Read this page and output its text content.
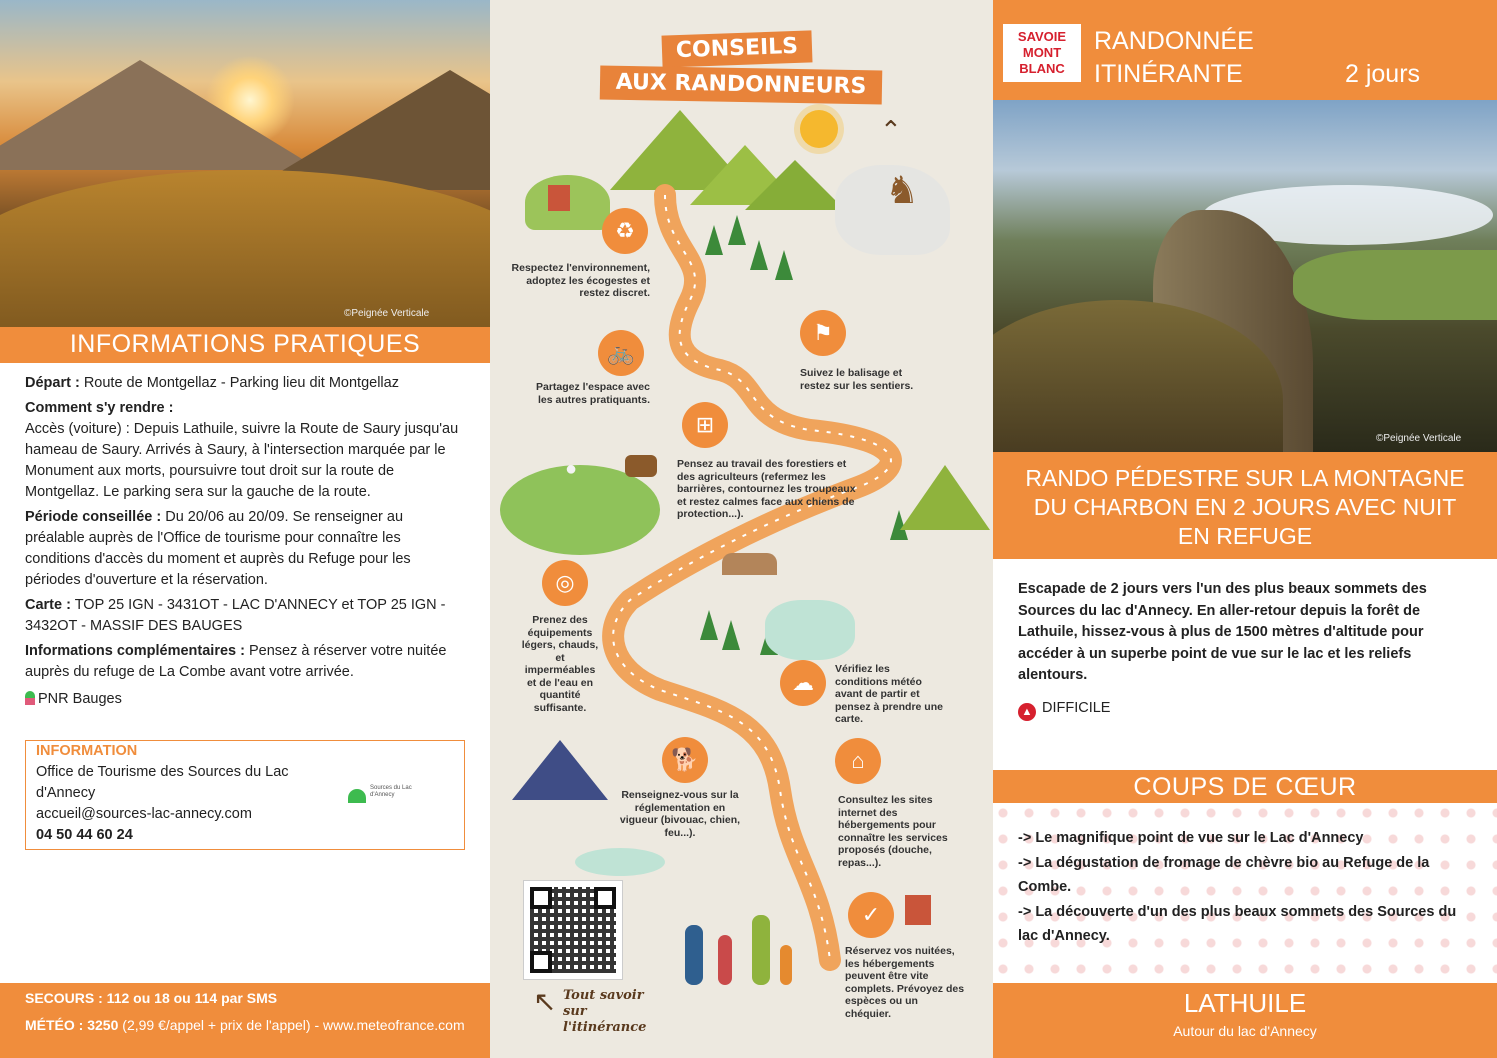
©Peignée Verticale
INFORMATIONS PRATIQUES

Départ : Route de Montgellaz - Parking lieu dit Montgellaz

Comment s'y rendre :

Accès (voiture) : Depuis Lathuile, suivre la Route de Saury jusqu'au hameau de Saury. Arrivés à Saury, à l'intersection marquée par le Monument aux morts, poursuivre tout droit sur la route de Montgellaz. Le parking sera sur la gauche de la route.

Période conseillée : Du 20/06 au 20/09. Se renseigner au préalable auprès de l'Office de tourisme pour connaître les conditions d'accès du moment et auprès du Refuge pour les périodes d'ouverture et la réservation.

Carte : TOP 25 IGN - 3431OT - LAC D'ANNECY et TOP 25 IGN - 3432OT - MASSIF DES BAUGES

Informations complémentaires : Pensez à réserver votre nuitée auprès du refuge de La Combe avant votre arrivée.

PNR Bauges

INFORMATION
Office de Tourisme des Sources du Lac d'Annecy
accueil@sources-lac-annecy.com
04 50 44 60 24
Sources du Lac d'Annecy
SECOURS : 112 ou 18 ou 114 par SMS
MÉTÉO : 3250 (2,99 €/appel + prix de l'appel) - www.meteofrance.com
CONSEILS
AUX RANDONNEURS
♞
⌃
●
♻
⚑
🚲
⊞
◎
☁
🐕	⌂
✓
Respectez l'environnement, adoptez les écogestes et restez discret.
Suivez le balisage et restez sur les sentiers.
Partagez l'espace avec les autres pratiquants.
Pensez au travail des forestiers et des agriculteurs (refermez les barrières, contournez les troupeaux et restez calmes face aux chiens de protection...).
Prenez des équipements légers, chauds, et imperméables et de l'eau en quantité suffisante.
Vérifiez les conditions météo avant de partir et pensez à prendre une carte.
Renseignez-vous sur la réglementation en vigueur (bivouac, chien, feu...).
Consultez les sites internet des hébergements pour connaître les services proposés (douche, repas...).
Réservez vos nuitées, les hébergements peuvent être vite complets. Prévoyez des espèces ou un chéquier.
↖ Tout savoir sur l'itinérance
SAVOIE
MONT
BLANC
RANDONNÉE
ITINÉRANTE	2 jours
©Peignée Verticale
RANDO PÉDESTRE SUR LA MONTAGNE DU CHARBON EN 2 JOURS AVEC NUIT EN REFUGE
Escapade de 2 jours vers l'un des plus beaux sommets des Sources du lac d'Annecy. En aller-retour depuis la forêt de Lathuile, hissez-vous à plus de 1500 mètres d'altitude pour accéder à un superbe point de vue sur le lac et les reliefs alentours.
▲ DIFFICILE
COUPS DE CŒUR
-> Le magnifique point de vue sur le Lac d'Annecy
-> La dégustation de fromage de chèvre bio au Refuge de la Combe.
-> La découverte d'un des plus beaux sommets des Sources du lac d'Annecy.
LATHUILE
Autour du lac d'Annecy
